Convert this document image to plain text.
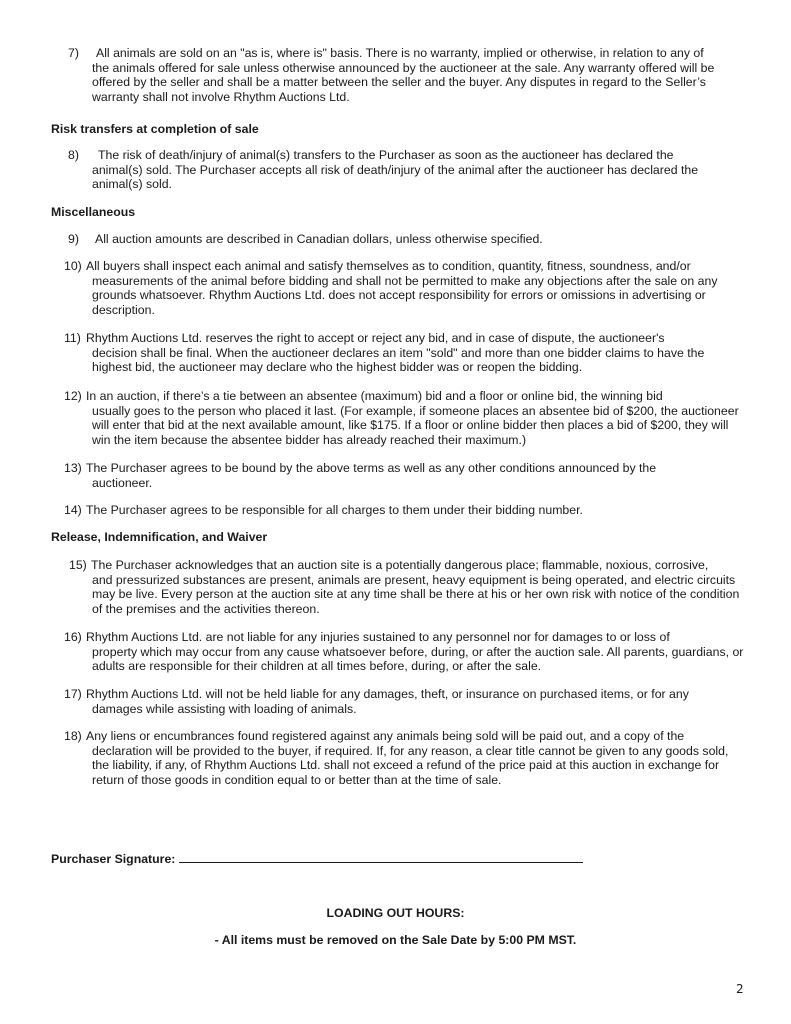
7)	All animals are sold on an "as is, where is" basis. There is no warranty, implied or otherwise, in relation to any of
the animals offered for sale unless otherwise announced by the auctioneer at the sale. Any warranty offered will be offered by the seller and shall be a matter between the seller and the buyer. Any disputes in regard to the Seller’s warranty shall not involve Rhythm Auctions Ltd.
Risk transfers at completion of sale
8)	The risk of death/injury of animal(s) transfers to the Purchaser as soon as the auctioneer has declared the
animal(s) sold. The Purchaser accepts all risk of death/injury of the animal after the auctioneer has declared the animal(s) sold.
Miscellaneous
9)	All auction amounts are described in Canadian dollars, unless otherwise specified.
10) All buyers shall inspect each animal and satisfy themselves as to condition, quantity, fitness, soundness, and/or
measurements of the animal before bidding and shall not be permitted to make any objections after the sale on any grounds whatsoever. Rhythm Auctions Ltd. does not accept responsibility for errors or omissions in advertising or description.
11) Rhythm Auctions Ltd. reserves the right to accept or reject any bid, and in case of dispute, the auctioneer's
decision shall be final. When the auctioneer declares an item "sold" and more than one bidder claims to have the highest bid, the auctioneer may declare who the highest bidder was or reopen the bidding.
12) In an auction, if there’s a tie between an absentee (maximum) bid and a floor or online bid, the winning bid
usually goes to the person who placed it last. (For example, if someone places an absentee bid of $200, the auctioneer will enter that bid at the next available amount, like $175. If a floor or online bidder then places a bid of $200, they will win the item because the absentee bidder has already reached their maximum.)
13) The Purchaser agrees to be bound by the above terms as well as any other conditions announced by the
auctioneer.
14) The Purchaser agrees to be responsible for all charges to them under their bidding number.
Release, Indemnification, and Waiver
15) The Purchaser acknowledges that an auction site is a potentially dangerous place; flammable, noxious, corrosive,
and pressurized substances are present, animals are present, heavy equipment is being operated, and electric circuits may be live. Every person at the auction site at any time shall be there at his or her own risk with notice of the condition of the premises and the activities thereon.
16) Rhythm Auctions Ltd. are not liable for any injuries sustained to any personnel nor for damages to or loss of
property which may occur from any cause whatsoever before, during, or after the auction sale. All parents, guardians, or adults are responsible for their children at all times before, during, or after the sale.
17) Rhythm Auctions Ltd. will not be held liable for any damages, theft, or insurance on purchased items, or for any
damages while assisting with loading of animals.
18) Any liens or encumbrances found registered against any animals being sold will be paid out, and a copy of the
declaration will be provided to the buyer, if required. If, for any reason, a clear title cannot be given to any goods sold, the liability, if any, of Rhythm Auctions Ltd. shall not exceed a refund of the price paid at this auction in exchange for return of those goods in condition equal to or better than at the time of sale.
Purchaser Signature:
LOADING OUT HOURS:
- All items must be removed on the Sale Date by 5:00 PM MST.
2
